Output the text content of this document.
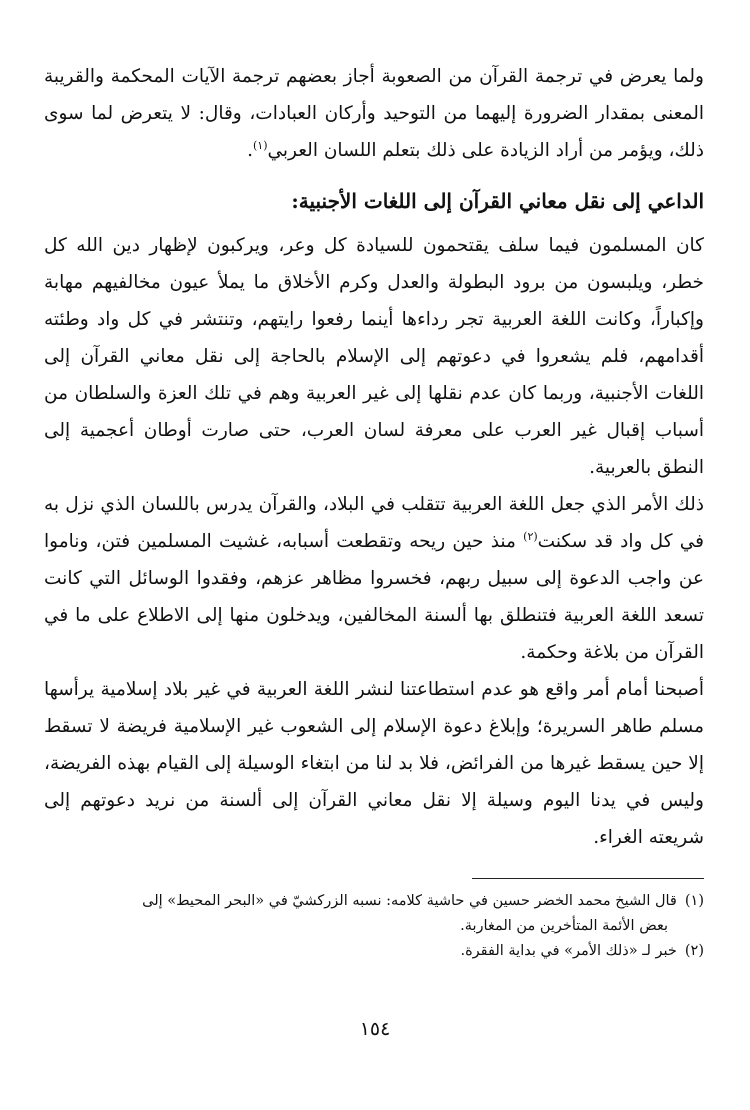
ولما يعرض في ترجمة القرآن من الصعوبة أجاز بعضهم ترجمة الآيات المحكمة والقريبة المعنى بمقدار الضرورة إليهما من التوحيد وأركان العبادات، وقال: لا يتعرض لما سوى ذلك، ويؤمر من أراد الزيادة على ذلك بتعلم اللسان العربي$^{(١)}$.

الداعي إلى نقل معاني القرآن إلى اللغات الأجنبية:

كان المسلمون فيما سلف يقتحمون للسيادة كل وعر، ويركبون لإظهار دين الله كل خطر، ويلبسون من برود البطولة والعدل وكرم الأخلاق ما يملأ عيون مخالفيهم مهابة وإكباراً، وكانت اللغة العربية تجر رداءها أينما رفعوا رايتهم، وتنتشر في كل واد وطئته أقدامهم، فلم يشعروا في دعوتهم إلى الإسلام بالحاجة إلى نقل معاني القرآن إلى اللغات الأجنبية، وربما كان عدم نقلها إلى غير العربية وهم في تلك العزة والسلطان من أسباب إقبال غير العرب على معرفة لسان العرب، حتى صارت أوطان أعجمية إلى النطق بالعربية.

ذلك الأمر الذي جعل اللغة العربية تتقلب في البلاد، والقرآن يدرس باللسان الذي نزل به في كل واد قد سكنت$^{(٢)}$ منذ حين ريحه وتقطعت أسبابه، غشيت المسلمين فتن، وناموا عن واجب الدعوة إلى سبيل ربهم، فخسروا مظاهر عزهم، وفقدوا الوسائل التي كانت تسعد اللغة العربية فتنطلق بها ألسنة المخالفين، ويدخلون منها إلى الاطلاع على ما في القرآن من بلاغة وحكمة.

أصبحنا أمام أمر واقع هو عدم استطاعتنا لنشر اللغة العربية في غير بلاد إسلامية يرأسها مسلم طاهر السريرة؛ وإبلاغ دعوة الإسلام إلى الشعوب غير الإسلامية فريضة لا تسقط إلا حين يسقط غيرها من الفرائض، فلا بد لنا من ابتغاء الوسيلة إلى القيام بهذه الفريضة، وليس في يدنا اليوم وسيلة إلا نقل معاني القرآن إلى ألسنة من نريد دعوتهم إلى شريعته الغراء.

(١)قال الشيخ محمد الخضر حسين في حاشية كلامه: نسبه الزركشيّ في «البحر المحيط» إلى
بعض الأئمة المتأخرين من المغاربة.

(٢)خبر لـ «ذلك الأمر» في بداية الفقرة.

١٥٤
